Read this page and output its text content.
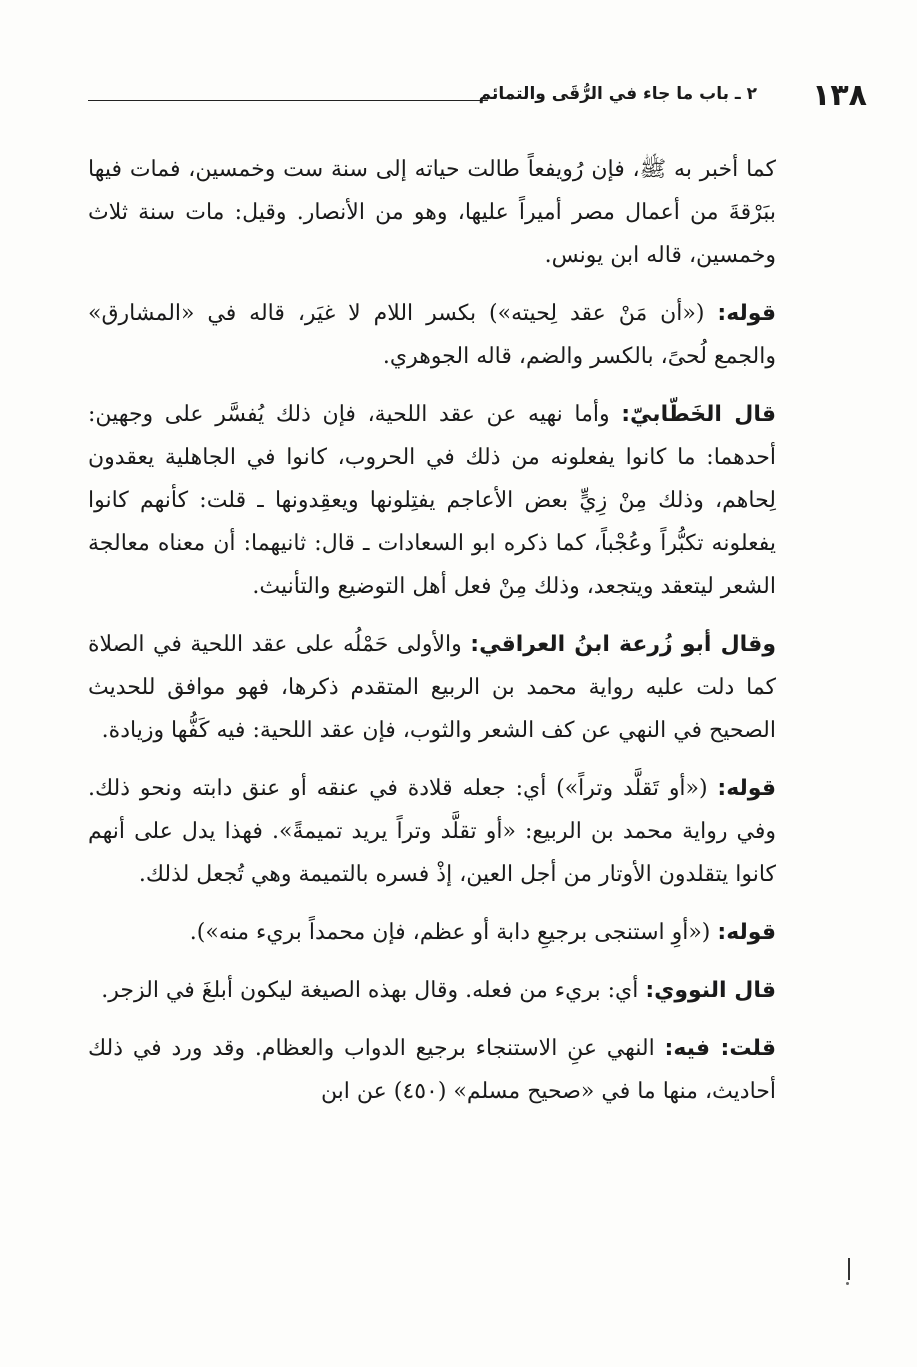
١٣٨
٢ ـ باب ما جاء في الرُّقَى والتمائم

كما أخبر به ﷺ، فإن رُويفعاً طالت حياته إلى سنة ست وخمسين، فمات فيها ببَرْقةَ من أعمال مصر أميراً عليها، وهو من الأنصار. وقيل: مات سنة ثلاث وخمسين، قاله ابن يونس.

قوله: («أن مَنْ عقد لِحيته») بكسر اللام لا غيَر، قاله في «المشارق» والجمع لُحىً، بالكسر والضم، قاله الجوهري.

قال الخَطّابيّ: وأما نهيه عن عقد اللحية، فإن ذلك يُفسَّر على وجهين: أحدهما: ما كانوا يفعلونه من ذلك في الحروب، كانوا في الجاهلية يعقدون لِحاهم، وذلك مِنْ زِيٍّ بعض الأعاجم يفتِلونها ويعقِدونها ـ قلت: كأنهم كانوا يفعلونه تكبُّراً وعُجْباً، كما ذكره ابو السعادات ـ قال: ثانيهما: أن معناه معالجة الشعر ليتعقد ويتجعد، وذلك مِنْ فعل أهل التوضيع والتأنيث.

وقال أبو زُرعة ابنُ العراقي: والأولى حَمْلُه على عقد اللحية في الصلاة كما دلت عليه رواية محمد بن الربيع المتقدم ذكرها، فهو موافق للحديث الصحيح في النهي عن كف الشعر والثوب، فإن عقد اللحية: فيه كَفُّها وزيادة.

قوله: («أو تَقلَّد وتراً») أي: جعله قلادة في عنقه أو عنق دابته ونحو ذلك. وفي رواية محمد بن الربيع: «أو تقلَّد وتراً يريد تميمةً». فهذا يدل على أنهم كانوا يتقلدون الأوتار من أجل العين، إذْ فسره بالتميمة وهي تُجعل لذلك.

قوله: («أوِ استنجى برجيعِ دابة أو عظم، فإن محمداً بريء منه»).

قال النووي: أي: بريء من فعله. وقال بهذه الصيغة ليكون أبلغَ في الزجر.

قلت: فيه: النهي عنِ الاستنجاء برجيع الدواب والعظام. وقد ورد في ذلك أحاديث، منها ما في «صحيح مسلم» (٤٥٠) عن ابن
